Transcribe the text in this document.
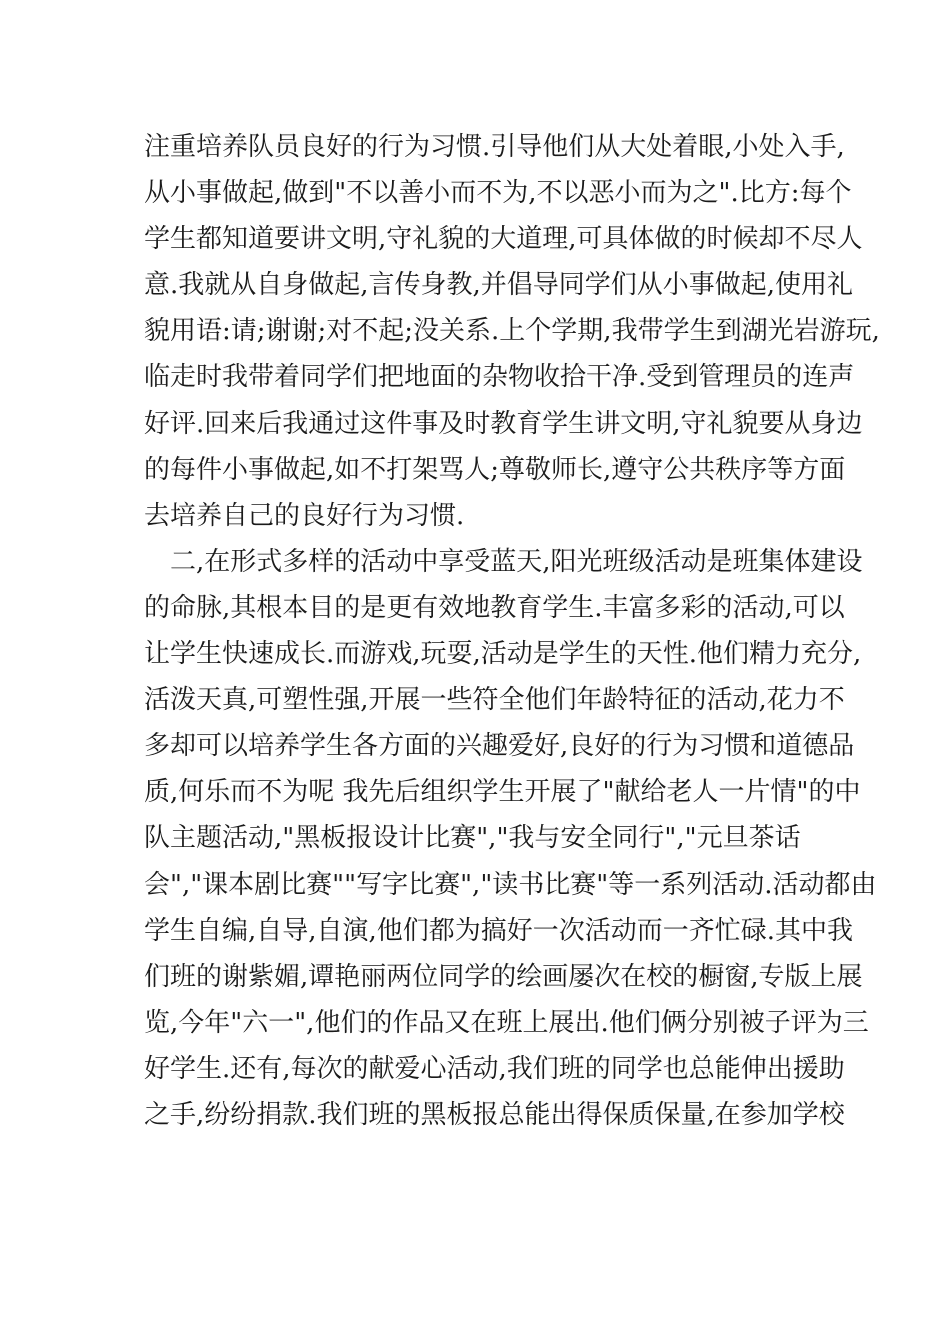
注重培养队员良好的行为习惯.引导他们从大处着眼,小处入手,
从小事做起,做到"不以善小而不为,不以恶小而为之".比方:每个
学生都知道要讲文明,守礼貌的大道理,可具体做的时候却不尽人
意.我就从自身做起,言传身教,并倡导同学们从小事做起,使用礼
貌用语:请;谢谢;对不起;没关系.上个学期,我带学生到湖光岩游玩,
临走时我带着同学们把地面的杂物收拾干净.受到管理员的连声
好评.回来后我通过这件事及时教育学生讲文明,守礼貌要从身边
的每件小事做起,如不打架骂人;尊敬师长,遵守公共秩序等方面
去培养自己的良好行为习惯.
二,在形式多样的活动中享受蓝天,阳光班级活动是班集体建设
的命脉,其根本目的是更有效地教育学生.丰富多彩的活动,可以
让学生快速成长.而游戏,玩耍,活动是学生的天性.他们精力充分,
活泼天真,可塑性强,开展一些符全他们年龄特征的活动,花力不
多却可以培养学生各方面的兴趣爱好,良好的行为习惯和道德品
质,何乐而不为呢 我先后组织学生开展了"献给老人一片情"的中
队主题活动,"黑板报设计比赛","我与安全同行","元旦茶话
会","课本剧比赛""写字比赛","读书比赛"等一系列活动.活动都由
学生自编,自导,自演,他们都为搞好一次活动而一齐忙碌.其中我
们班的谢紫媚,谭艳丽两位同学的绘画屡次在校的橱窗,专版上展
览,今年"六一",他们的作品又在班上展出.他们俩分别被子评为三
好学生.还有,每次的献爱心活动,我们班的同学也总能伸出援助
之手,纷纷捐款.我们班的黑板报总能出得保质保量,在参加学校
